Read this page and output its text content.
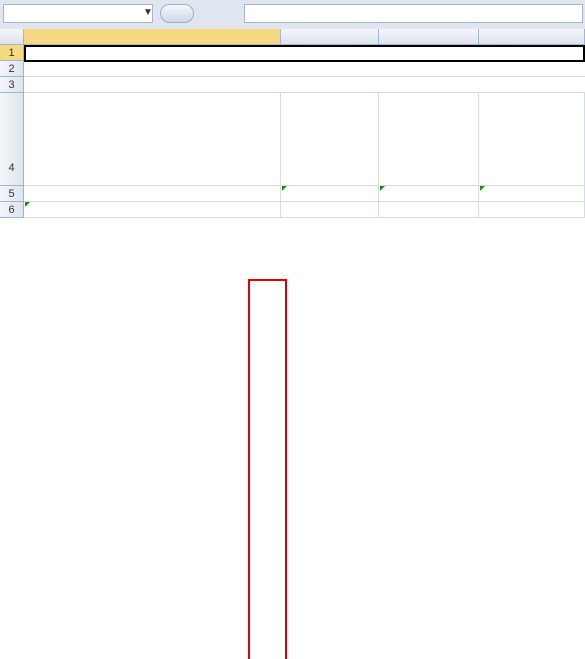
▼
1
2
3
4
5
6
